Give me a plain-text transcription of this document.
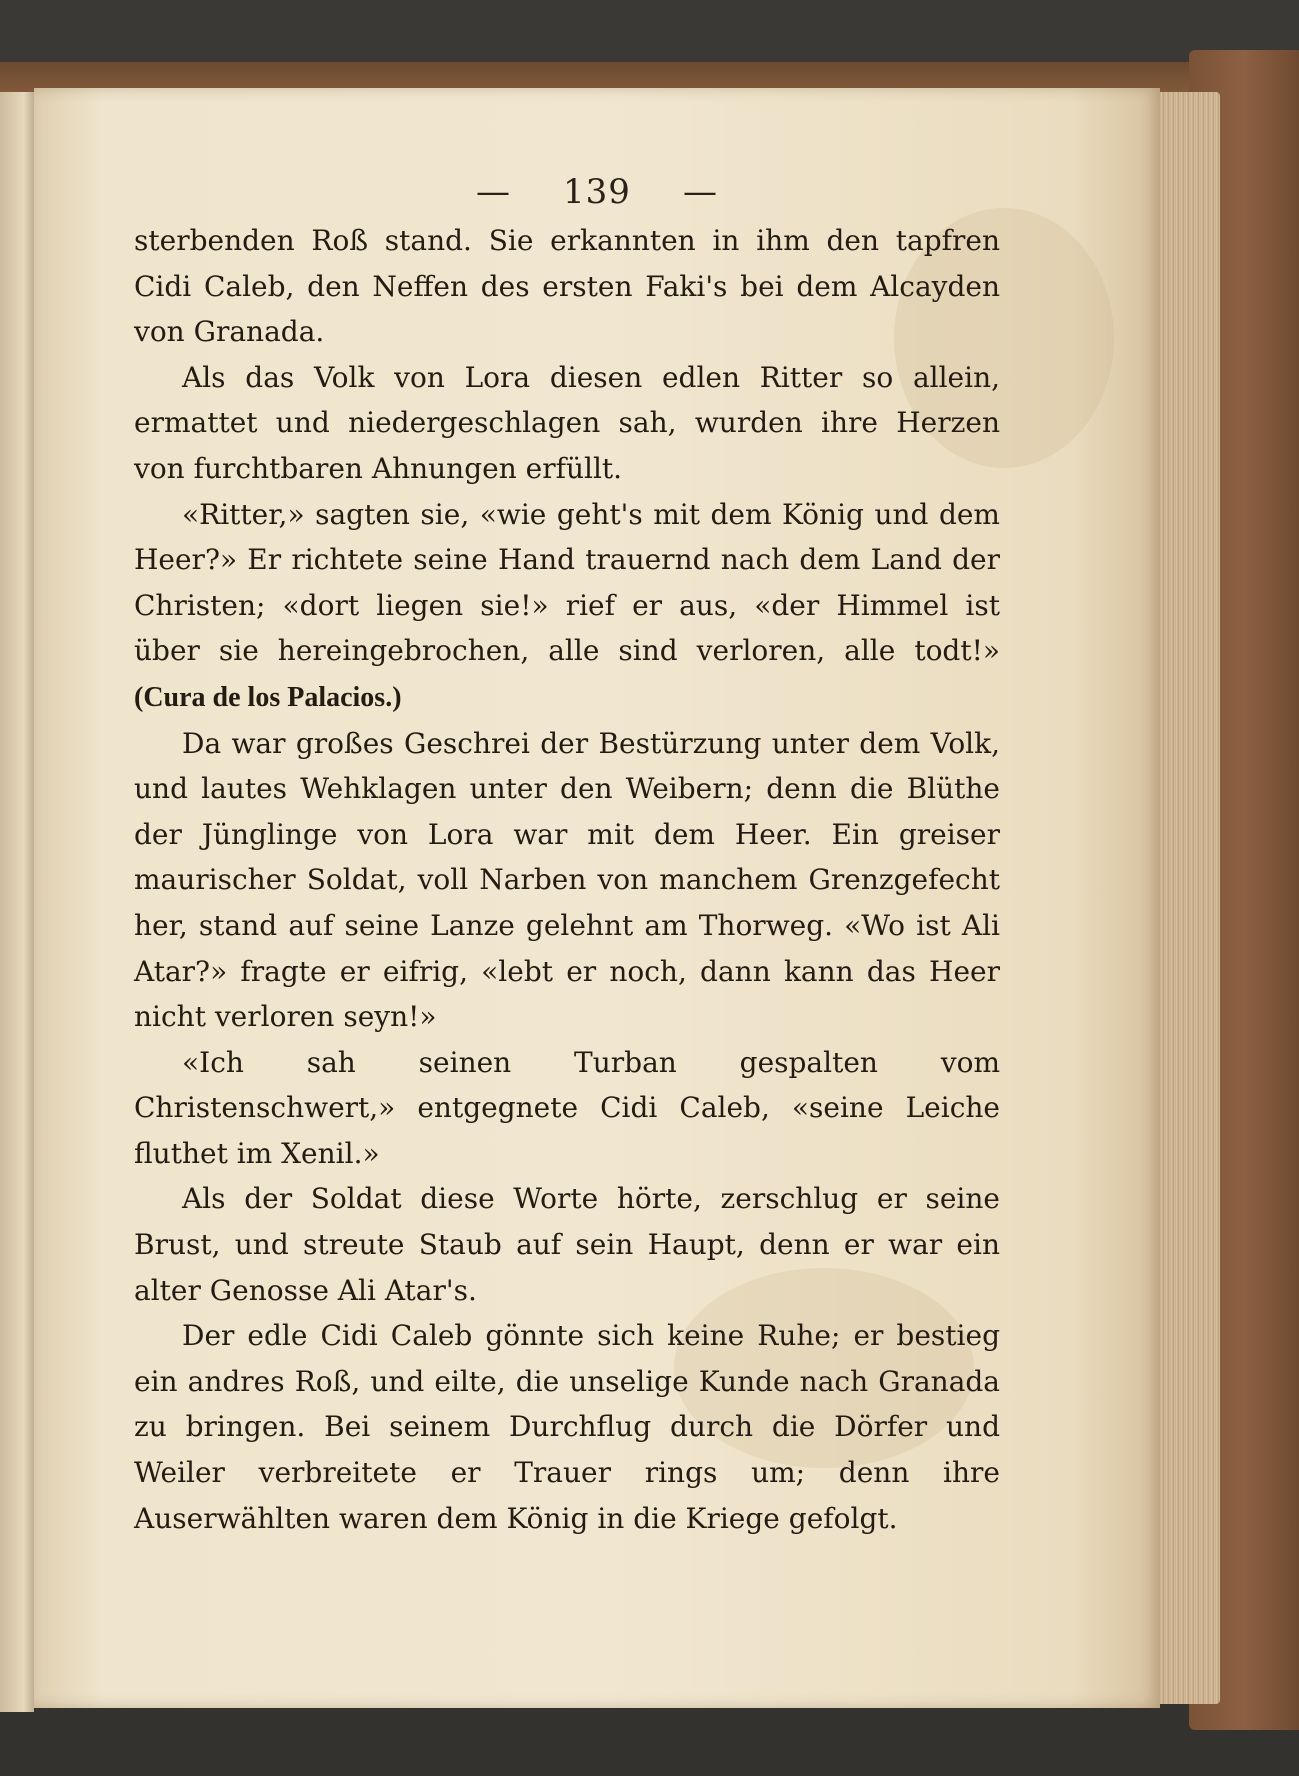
— 139 —

sterbenden Roß stand. Sie erkannten in ihm den tapfren Cidi Caleb, den Neffen des ersten Faki's bei dem Alcayden von Granada.

Als das Volk von Lora diesen edlen Ritter so allein, ermattet und niedergeschlagen sah, wurden ihre Herzen von furchtbaren Ahnungen erfüllt.

«Ritter,» sagten sie, «wie geht's mit dem König und dem Heer?» Er richtete seine Hand trauernd nach dem Land der Christen; «dort liegen sie!» rief er aus, «der Himmel ist über sie hereingebrochen, alle sind verloren, alle todt!» (Cura de los Palacios.)

Da war großes Geschrei der Bestürzung unter dem Volk, und lautes Wehklagen unter den Weibern; denn die Blüthe der Jünglinge von Lora war mit dem Heer. Ein greiser maurischer Soldat, voll Narben von manchem Grenzgefecht her, stand auf seine Lanze gelehnt am Thorweg. «Wo ist Ali Atar?» fragte er eifrig, «lebt er noch, dann kann das Heer nicht verloren seyn!»

«Ich sah seinen Turban gespalten vom Christenschwert,» entgegnete Cidi Caleb, «seine Leiche fluthet im Xenil.»

Als der Soldat diese Worte hörte, zerschlug er seine Brust, und streute Staub auf sein Haupt, denn er war ein alter Genosse Ali Atar's.

Der edle Cidi Caleb gönnte sich keine Ruhe; er bestieg ein andres Roß, und eilte, die unselige Kunde nach Granada zu bringen. Bei seinem Durchflug durch die Dörfer und Weiler verbreitete er Trauer rings um; denn ihre Auserwählten waren dem König in die Kriege gefolgt.
